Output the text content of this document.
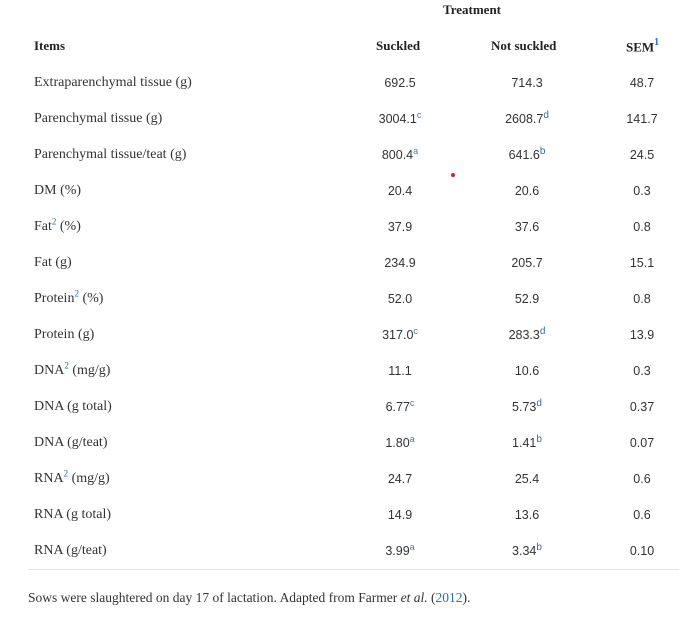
Treatment
Items	Suckled	Not suckled	SEM$^1$
Extraparenchymal tissue (g)	692.5	714.3	48.7
Parenchymal tissue (g)	3004.1$^c$	2608.7$^d$	141.7
Parenchymal tissue/teat (g)	800.4$^a$	641.6$^b$	24.5
DM (%)	20.4	20.6	0.3
Fat$^2$ (%)	37.9	37.6	0.8
Fat (g)	234.9	205.7	15.1
Protein$^2$ (%)	52.0	52.9	0.8
Protein (g)	317.0$^c$	283.3$^d$	13.9
DNA$^2$ (mg/g)	11.1	10.6	0.3
DNA (g total)	6.77$^c$	5.73$^d$	0.37
DNA (g/teat)	1.80$^a$	1.41$^b$	0.07
RNA$^2$ (mg/g)	24.7	25.4	0.6
RNA (g total)	14.9	13.6	0.6
RNA (g/teat)	3.99$^a$	3.34$^b$	0.10
Sows were slaughtered on day 17 of lactation. Adapted from Farmer et al. (2012).
